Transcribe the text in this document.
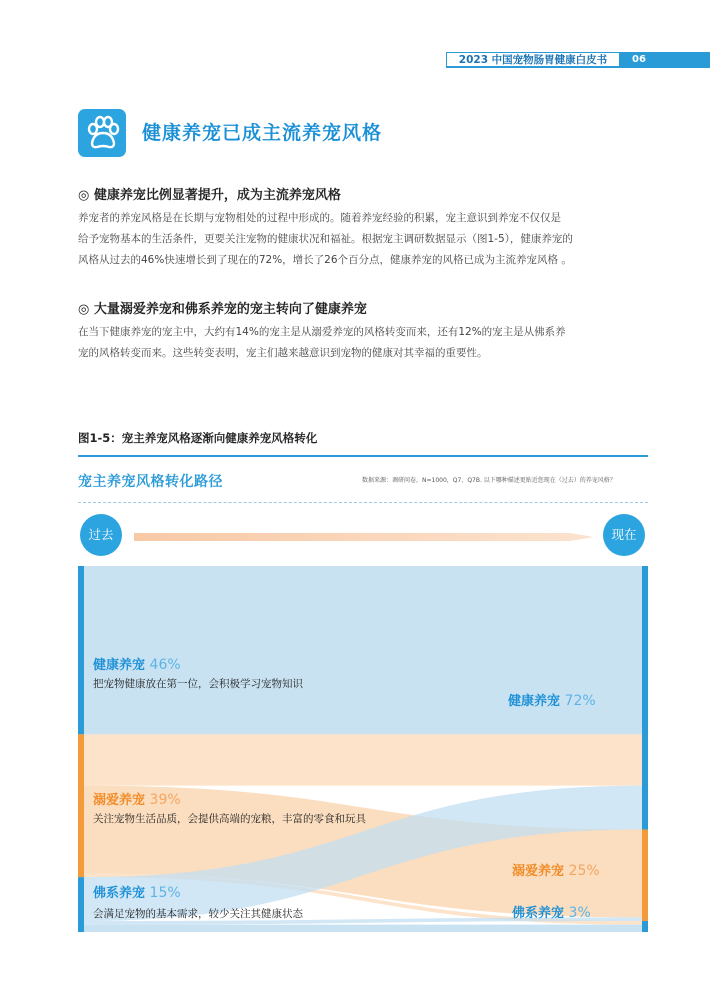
2023 中国宠物肠胃健康白皮书	06
健康养宠已成主流养宠风格
◎ 健康养宠比例显著提升，成为主流养宠风格
养宠者的养宠风格是在长期与宠物相处的过程中形成的。随着养宠经验的积累，宠主意识到养宠不仅仅是
给予宠物基本的生活条件，更要关注宠物的健康状况和福祉。根据宠主调研数据显示（图1-5），健康养宠的
风格从过去的46%快速增长到了现在的72%，增长了26个百分点，健康养宠的风格已成为主流养宠风格 。
◎ 大量溺爱养宠和佛系养宠的宠主转向了健康养宠
在当下健康养宠的宠主中，大约有14%的宠主是从溺爱养宠的风格转变而来，还有12%的宠主是从佛系养
宠的风格转变而来。这些转变表明，宠主们越来越意识到宠物的健康对其幸福的重要性。
图1-5：宠主养宠风格逐渐向健康养宠风格转化
宠主养宠风格转化路径	数据来源：调研问卷，N=1000，Q7、Q7B. 以下哪种描述更贴近您现在（过去）的养宠风格？
过去	现在
健康养宠 46%
把宠物健康放在第一位，会积极学习宠物知识
溺爱养宠 39%
关注宠物生活品质，会提供高端的宠粮，丰富的零食和玩具
佛系养宠 15%
会满足宠物的基本需求，较少关注其健康状态
健康养宠 72%
溺爱养宠 25%
佛系养宠 3%
